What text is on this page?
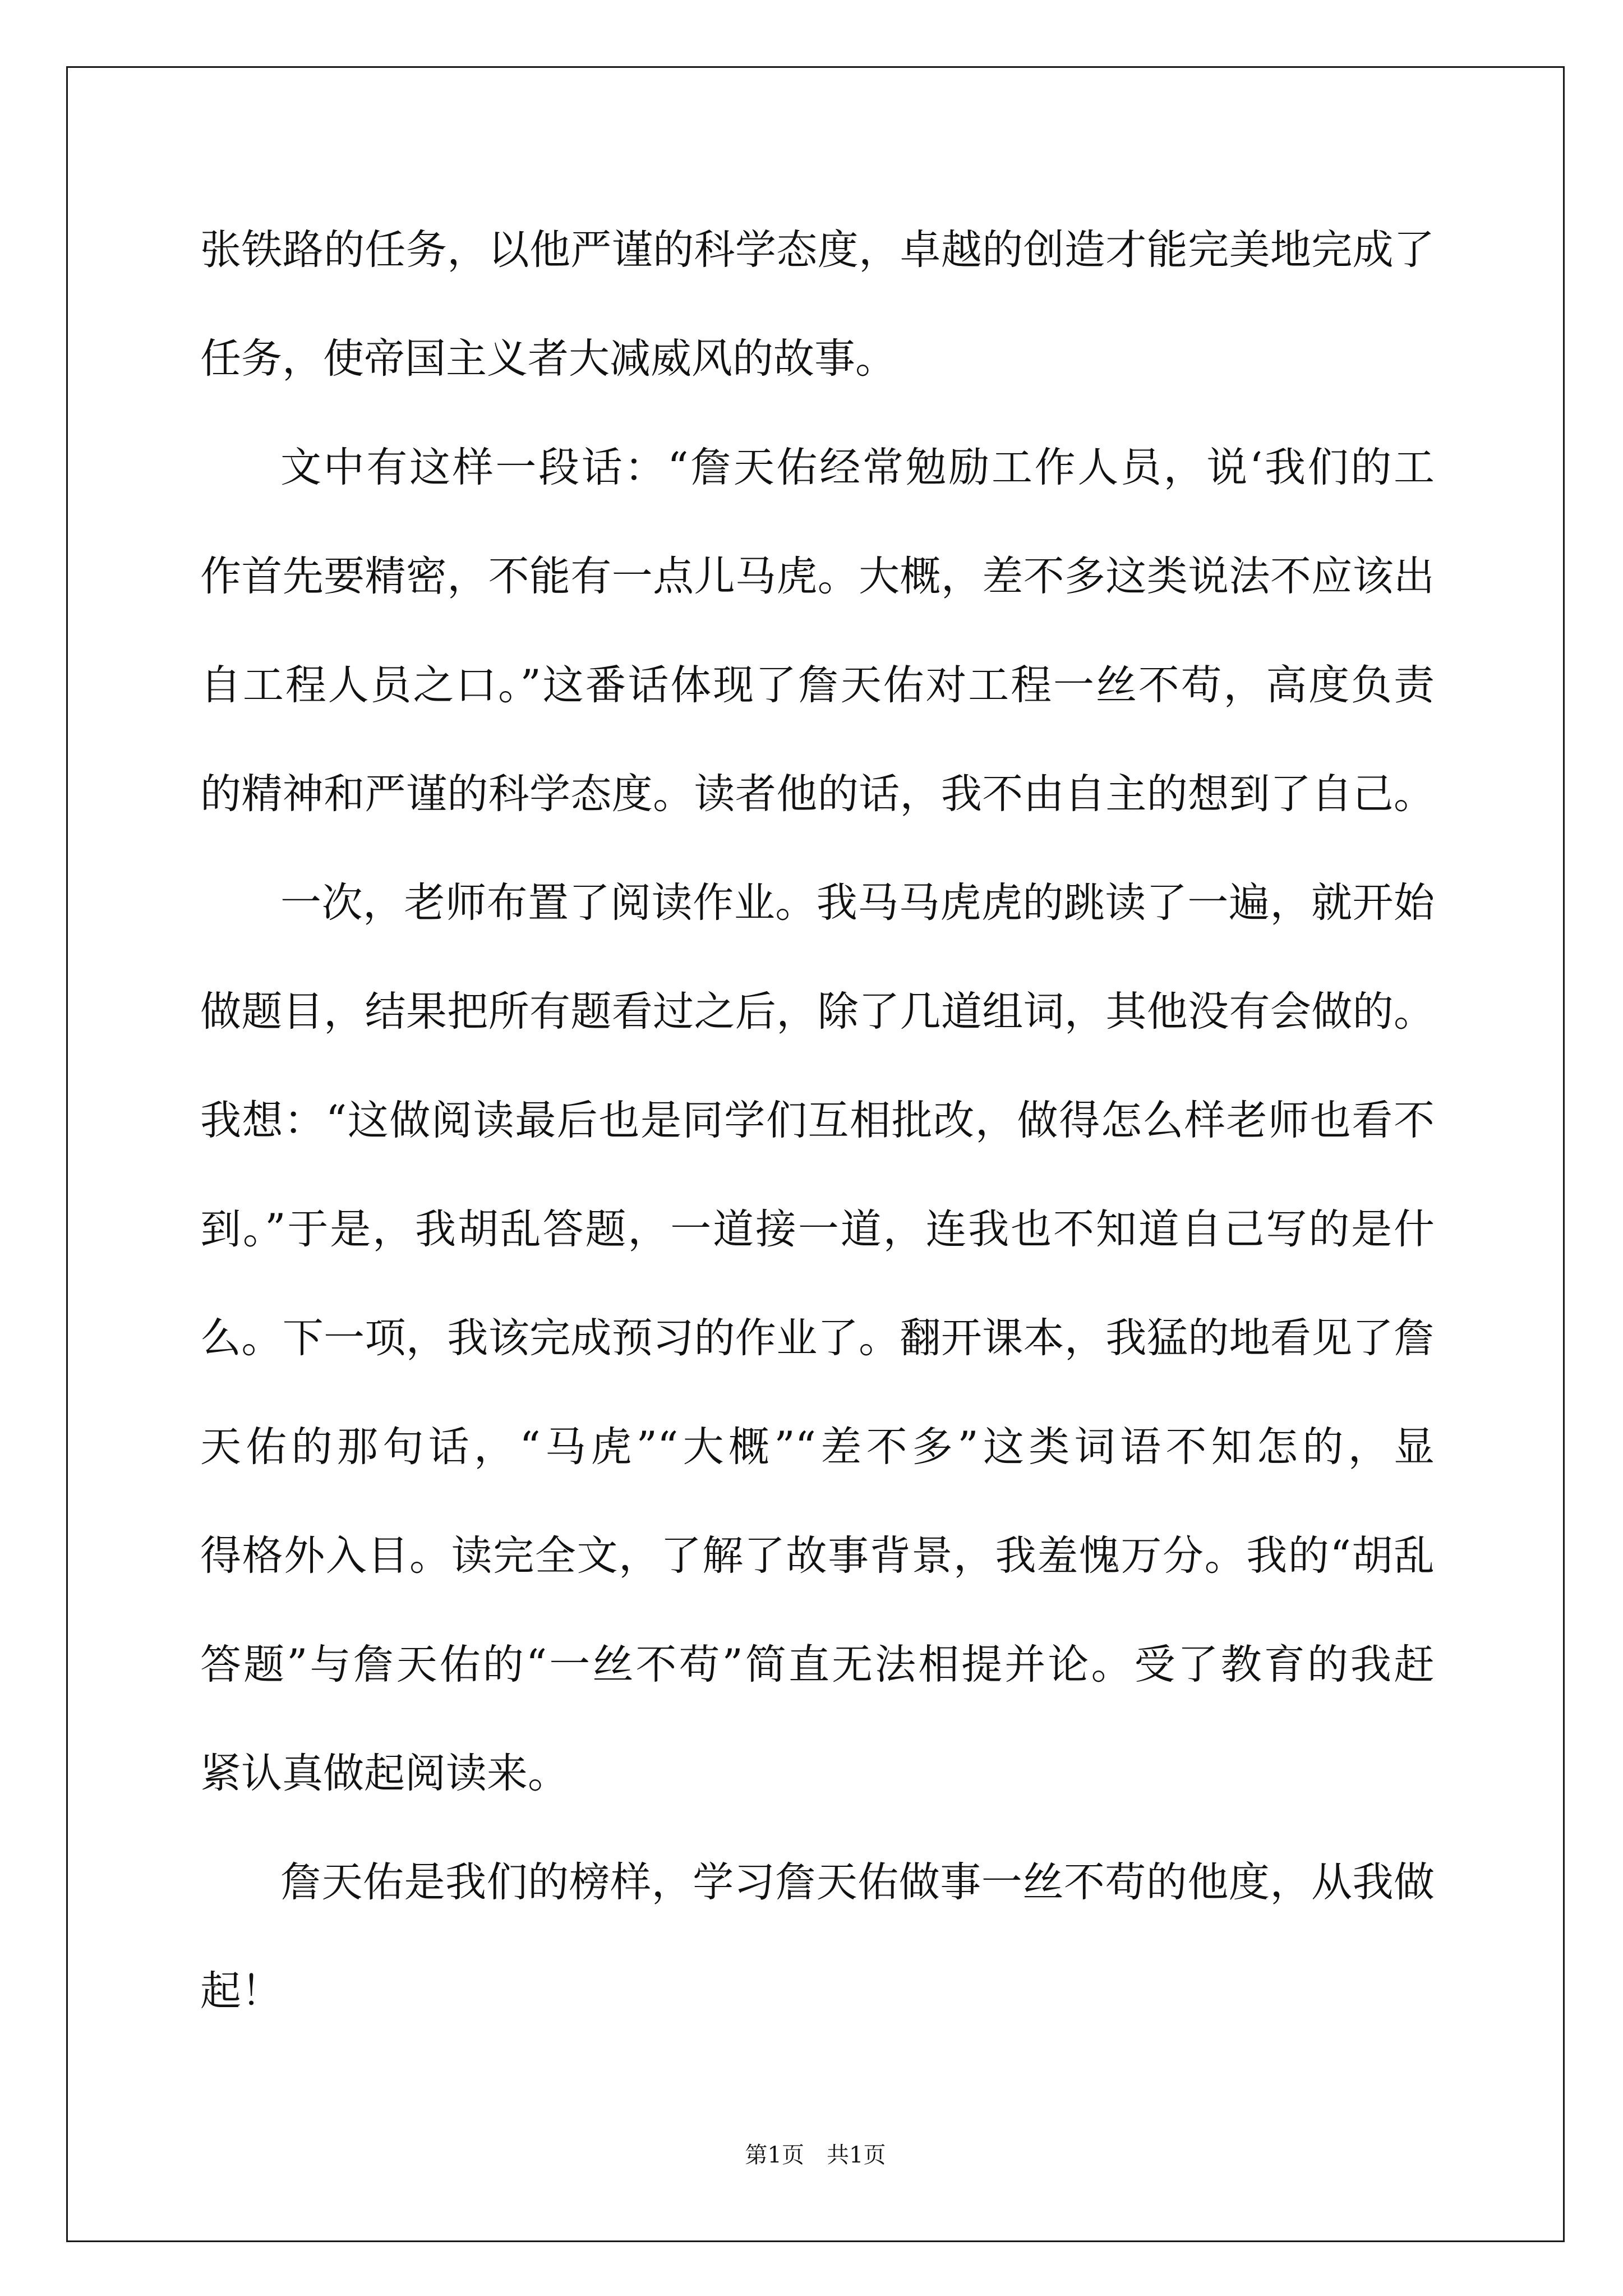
张铁路的任务，以他严谨的科学态度，卓越的创造才能完美地完成了
任务，使帝国主义者大减威风的故事。
文中有这样一段话：“詹天佑经常勉励工作人员，说‘我们的工
作首先要精密，不能有一点儿马虎。大概，差不多这类说法不应该出
自工程人员之口。”这番话体现了詹天佑对工程一丝不苟，高度负责
的精神和严谨的科学态度。读者他的话，我不由自主的想到了自己。
一次，老师布置了阅读作业。我马马虎虎的跳读了一遍，就开始
做题目，结果把所有题看过之后，除了几道组词，其他没有会做的。
我想：“这做阅读最后也是同学们互相批改，做得怎么样老师也看不
到。”于是，我胡乱答题，一道接一道，连我也不知道自己写的是什
么。下一项，我该完成预习的作业了。翻开课本，我猛的地看见了詹
天佑的那句话，“马虎”“大概”“差不多”这类词语不知怎的，显
得格外入目。读完全文，了解了故事背景，我羞愧万分。我的“胡乱
答题”与詹天佑的“一丝不苟”简直无法相提并论。受了教育的我赶
紧认真做起阅读来。
詹天佑是我们的榜样，学习詹天佑做事一丝不苟的他度，从我做
起！
第1页 共1页
